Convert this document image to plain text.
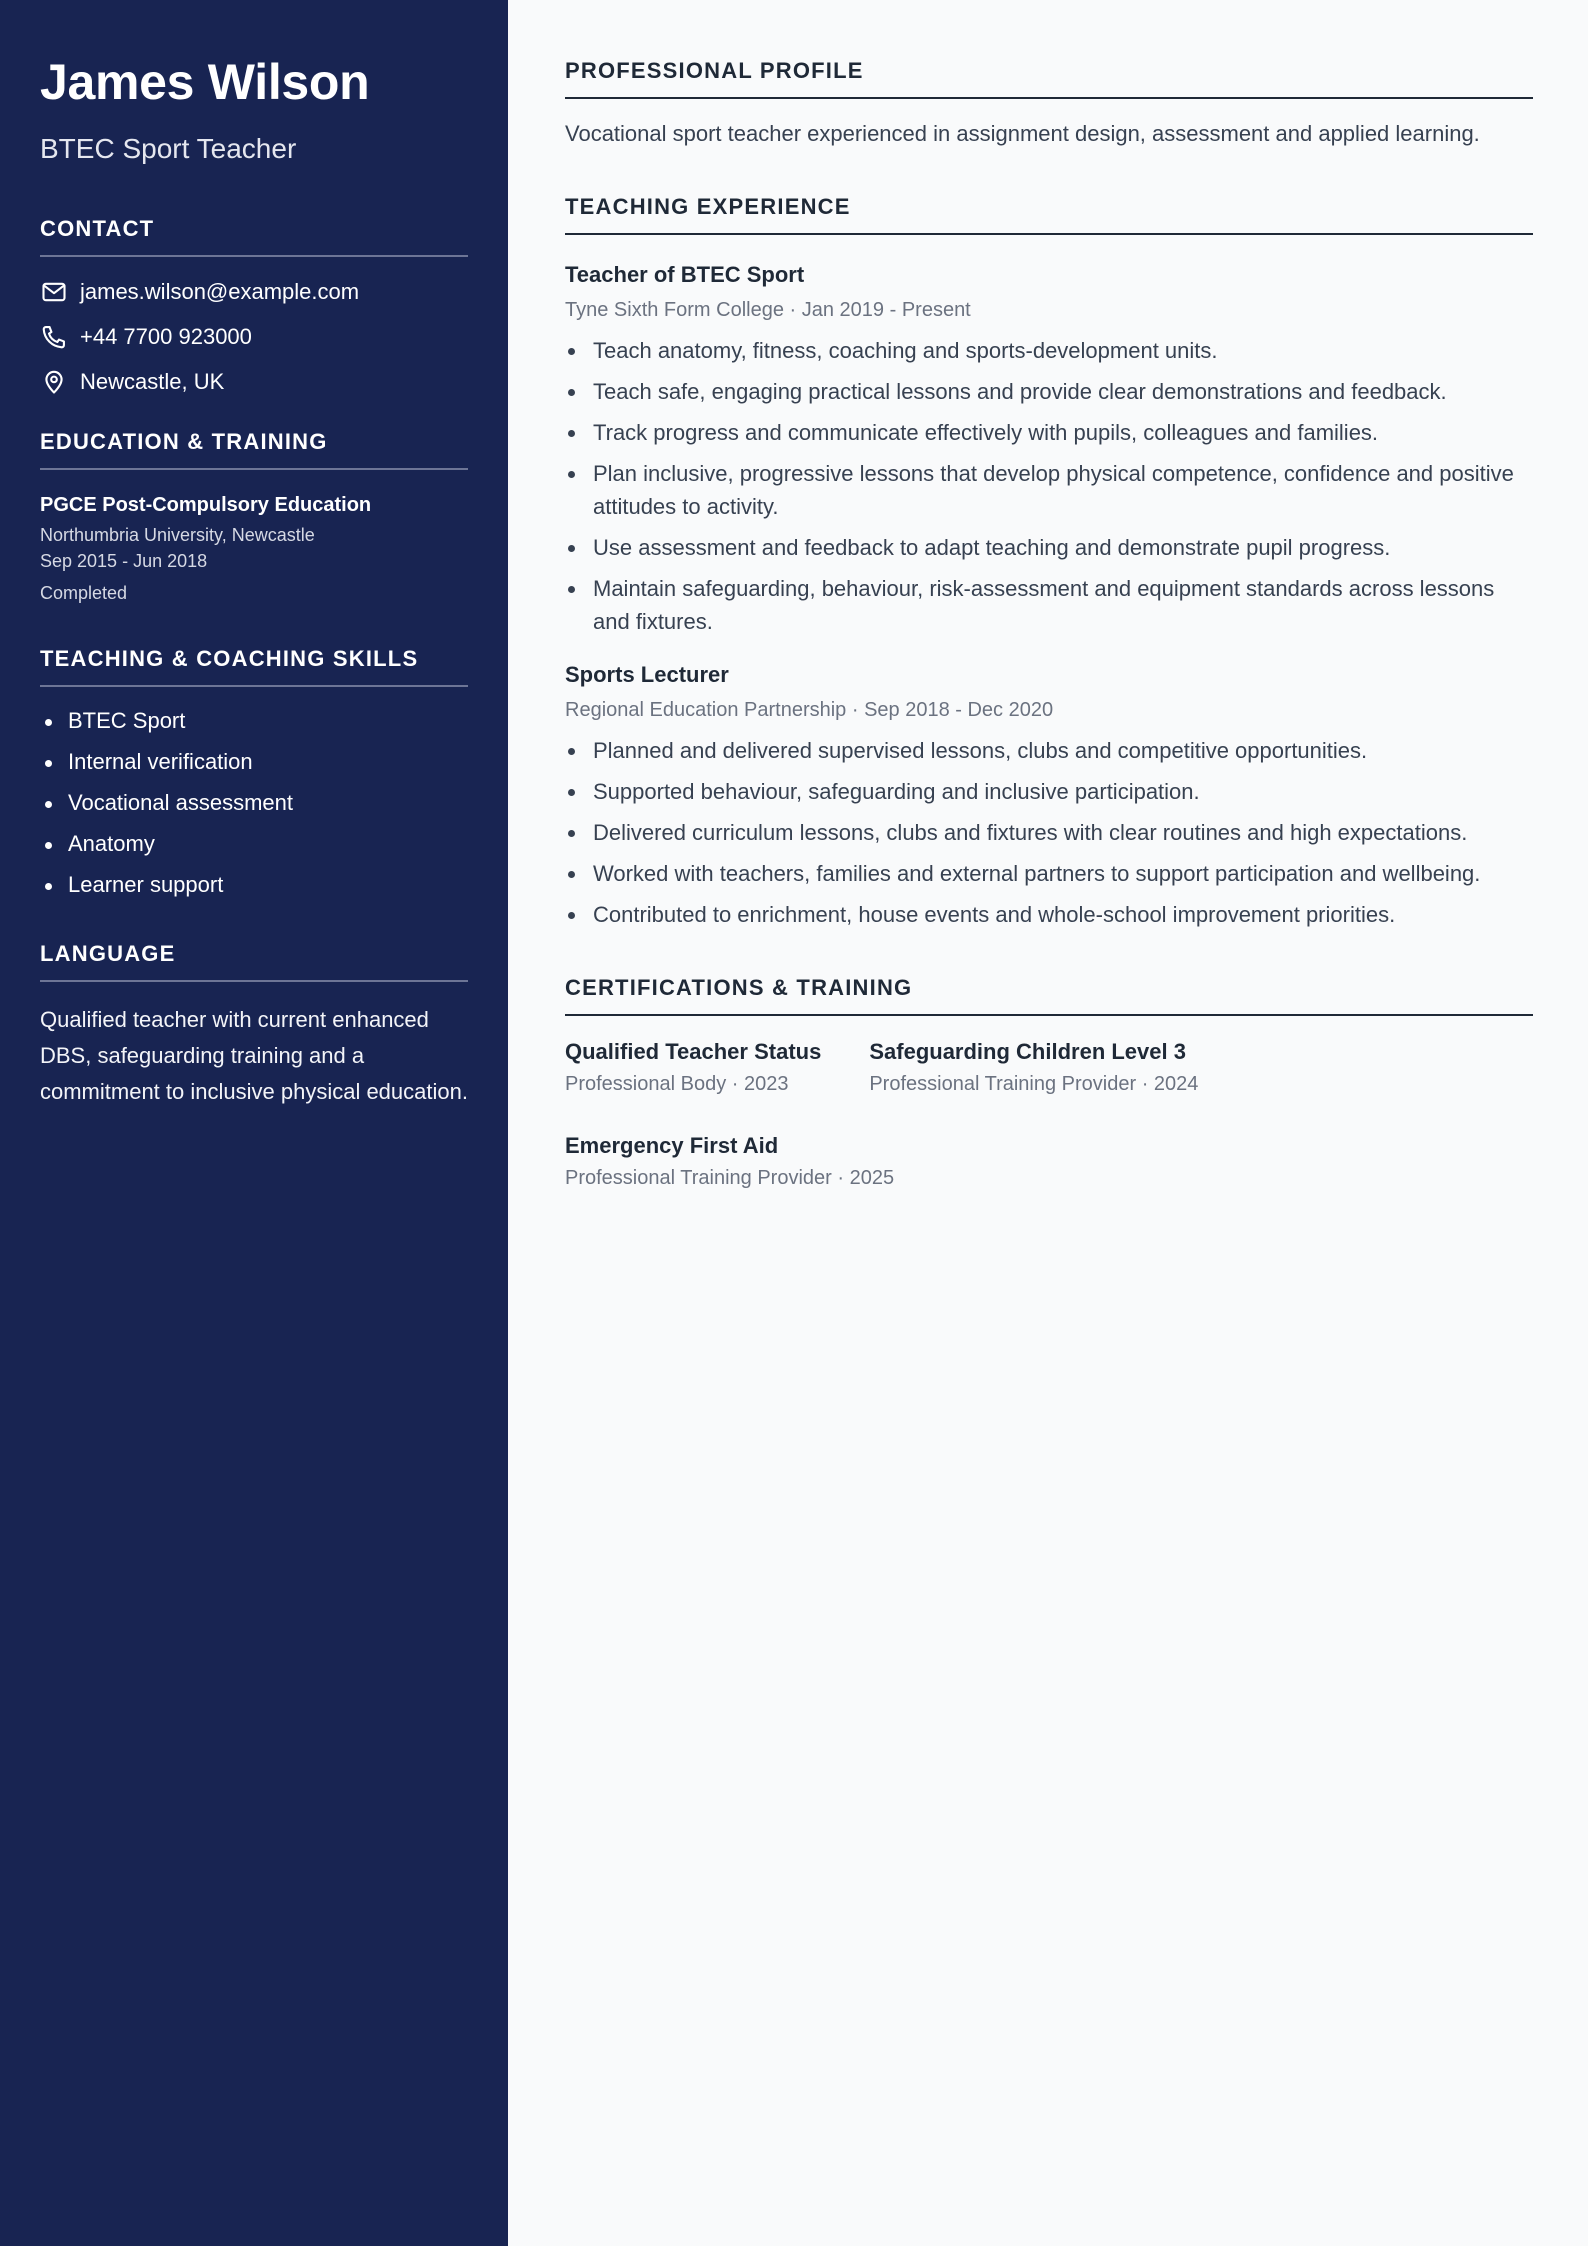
James Wilson
BTEC Sport Teacher
CONTACT
james.wilson@example.com
+44 7700 923000
Newcastle, UK
EDUCATION & TRAINING
PGCE Post-Compulsory Education
Northumbria University, Newcastle
Sep 2015 - Jun 2018
Completed
TEACHING & COACHING SKILLS
BTEC Sport
Internal verification
Vocational assessment
Anatomy
Learner support
LANGUAGE

Qualified teacher with current enhanced DBS, safeguarding training and a commitment to inclusive physical education.

PROFESSIONAL PROFILE

Vocational sport teacher experienced in assignment design, assessment and applied learning.

TEACHING EXPERIENCE
Teacher of BTEC Sport
Tyne Sixth Form College · Jan 2019 - Present
Teach anatomy, fitness, coaching and sports-development units.
Teach safe, engaging practical lessons and provide clear demonstrations and feedback.
Track progress and communicate effectively with pupils, colleagues and families.
Plan inclusive, progressive lessons that develop physical competence, confidence and positive attitudes to activity.
Use assessment and feedback to adapt teaching and demonstrate pupil progress.
Maintain safeguarding, behaviour, risk-assessment and equipment standards across lessons and fixtures.
Sports Lecturer
Regional Education Partnership · Sep 2018 - Dec 2020
Planned and delivered supervised lessons, clubs and competitive opportunities.
Supported behaviour, safeguarding and inclusive participation.
Delivered curriculum lessons, clubs and fixtures with clear routines and high expectations.
Worked with teachers, families and external partners to support participation and wellbeing.
Contributed to enrichment, house events and whole-school improvement priorities.
CERTIFICATIONS & TRAINING
Qualified Teacher Status
Professional Body · 2023
Safeguarding Children Level 3
Professional Training Provider · 2024
Emergency First Aid
Professional Training Provider · 2025
